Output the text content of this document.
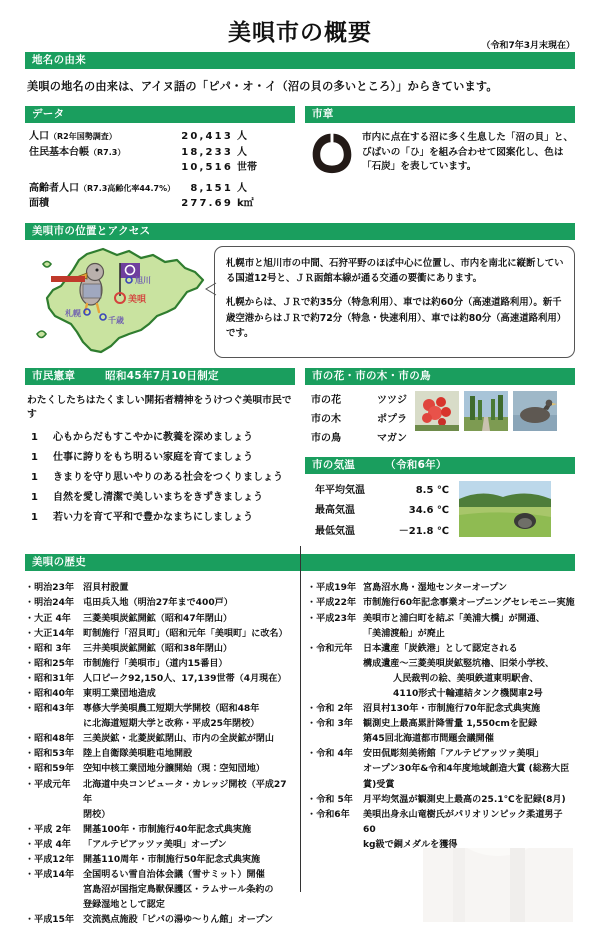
美唄市の概要	（令和7年3月末現在）
地名の由来
美唄の地名の由来は、アイヌ語の「ピパ・オ・イ（沼の貝の多いところ）」からきています。
データ
人口（R2年国勢調査）	20,413 人
住民基本台帳（R7.3）	18,233 人
10,516 世帯
高齢者人口（R7.3高齢化率44.7%）	8,151 人
面積	277.69 k㎡
市章
市内に点在する沼に多く生息した「沼の貝」と、びばいの「ひ」を組み合わせて図案化し、色は「石炭」を表しています。
美唄市の位置とアクセス
旭川
美唄
札幌
千歳

札幌市と旭川市の中間、石狩平野のほぼ中心に位置し、市内を南北に縦断している国道12号と、ＪＲ函館本線が通る交通の要衝にあります。

札幌からは、ＪＲで約35分（特急利用）、車では約60分（高速道路利用）。新千歳空港からはＪＲで約72分（特急・快速利用）、車では約80分（高速道路利用）です。

市民憲章	昭和45年7月10日制定
わたくしたちはたくましい開拓者精神をうけつぐ美唄市民です
1	心もからだもすこやかに教養を深めましょう
1	仕事に誇りをもち明るい家庭を育てましょう
1	きまりを守り思いやりのある社会をつくりましょう
1	自然を愛し清潔で美しいまちをきずきましょう
1	若い力を育て平和で豊かなまちにしましょう
市の花・市の木・市の鳥
市の花	ツツジ
市の木	ポプラ
市の鳥	マガン
市の気温	（令和6年）
年平均気温	8.5 ℃
最高気温	34.6 ℃
最低気温	－21.8 ℃
美唄の歴史
・ 明治23年 沼貝村設置
・ 明治24年 屯田兵入地（明治27年まで400戸）
・ 大正 4年	三菱美唄炭鉱開鉱（昭和47年閉山）
・ 大正14年 町制施行「沼貝町」（昭和元年「美唄町」に改名）
・ 昭和 3年	三井美唄炭鉱開鉱（昭和38年閉山）
・ 昭和25年 市制施行「美唄市」（道内15番目）
・ 昭和31年 人口ピーク92,150人、17,139世帯（4月現在）
・ 昭和40年 東明工業団地造成
・ 昭和43年 専修大学美唄農工短期大学開校（昭和48年
に北海道短期大学と改称・平成25年閉校）
・ 昭和48年 三美炭鉱・北菱炭鉱閉山、市内の全炭鉱が閉山
・ 昭和53年 陸上自衛隊美唄駐屯地開設
・ 昭和59年 空知中核工業団地分譲開始（現：空知団地）
・ 平成元年	北海道中央コンピュータ・カレッジ開校（平成27年
閉校）
・ 平成 2年	開基100年・市制施行40年記念式典実施
・ 平成 4年	「アルテピアッツァ美唄」オープン
・ 平成12年 開基110周年・市制施行50年記念式典実施
・ 平成14年 全国明るい雪自治体会議（雪サミット）開催
宮島沼が国指定鳥獣保護区・ラムサール条約の
登録湿地として認定
・ 平成15年 交流拠点施設「ピパの湯ゆ～りん館」オープン
・ 平成19年 宮島沼水鳥・湿地センターオープン
・ 平成22年 市制施行60年記念事業オープニングセレモニー実施
・ 平成23年 美唄市と浦臼町を結ぶ「美浦大橋」が開通、
「美浦渡船」が廃止
・ 令和元年	日本遺産「炭鉄港」として認定される
構成遺産～三菱美唄炭鉱竪坑櫓、旧栄小学校、
人民裁判の絵、美唄鉄道東明駅舎、
4110形式十輪連結タンク機関車2号
・ 令和 2年	沼貝村130年・市制施行70年記念式典実施
・ 令和 3年	観測史上最高累計降雪量 1,550cmを記録
第45回北海道都市問題会議開催
・ 令和 4年	安田侃彫刻美術館「アルテピアッツァ美唄」
オープン30年&令和4年度地域創造大賞 (総務大臣
賞)受賞
・ 令和 5年	月平均気温が観測史上最高の25.1℃を記録(8月)
・ 令和6年	美唄出身永山竜樹氏がパリオリンピック柔道男子60
kg級で銅メダルを獲得
